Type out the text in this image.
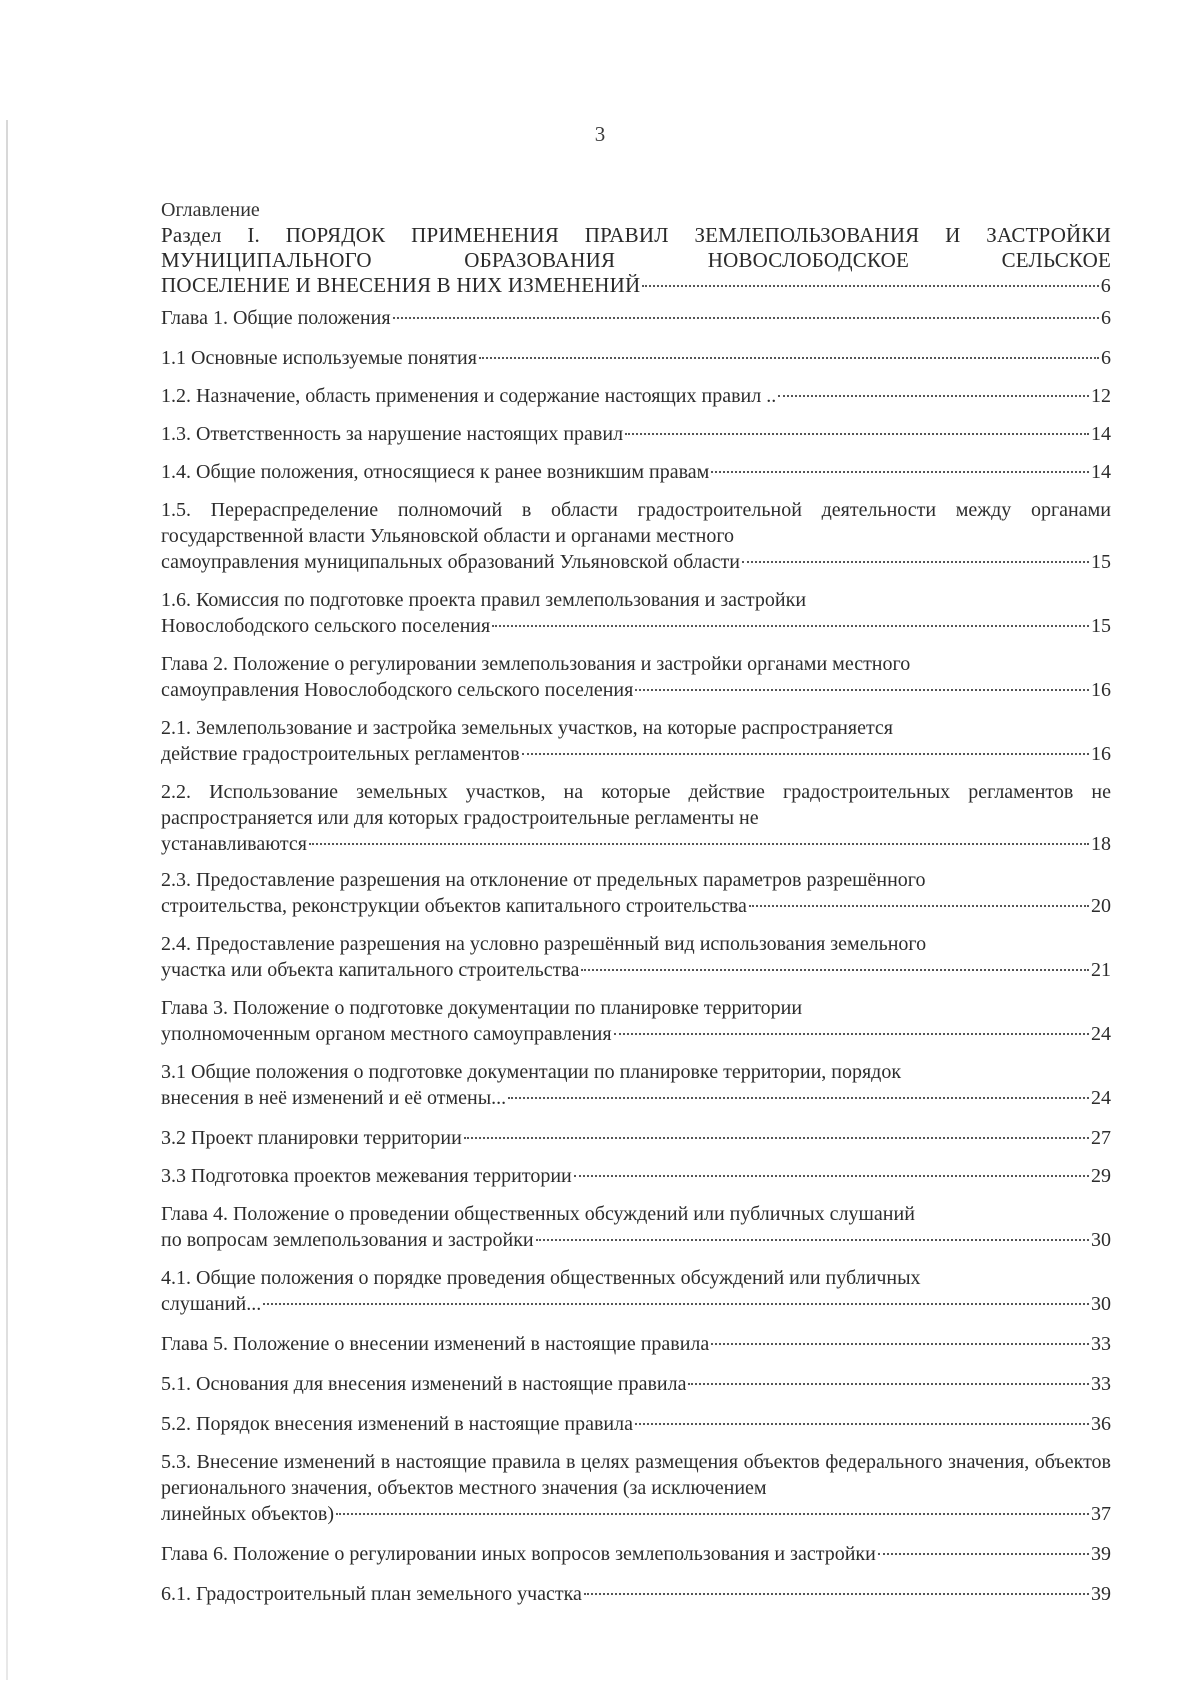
3
Оглавление
Раздел I. ПОРЯДОК ПРИМЕНЕНИЯ ПРАВИЛ ЗЕМЛЕПОЛЬЗОВАНИЯ И ЗАСТРОЙКИ
МУНИЦИПАЛЬНОГО ОБРАЗОВАНИЯ НОВОСЛОБОДСКОЕ СЕЛЬСКОЕ
ПОСЕЛЕНИЕ И ВНЕСЕНИЯ В НИХ ИЗМЕНЕНИЙ	6
Глава 1. Общие положения	6
1.1 Основные используемые понятия	6
1.2. Назначение, область применения и содержание настоящих правил ..	12
1.3. Ответственность за нарушение настоящих правил	14
1.4. Общие положения, относящиеся к ранее возникшим правам	14
1.5. Перераспределение полномочий в области градостроительной деятельности между органами государственной власти Ульяновской области и органами местного
самоуправления муниципальных образований Ульяновской области	15
1.6. Комиссия по подготовке проекта правил землепользования и застройки
Новослободского сельского поселения	15
Глава 2. Положение о регулировании землепользования и застройки органами местного
самоуправления Новослободского сельского поселения	16
2.1. Землепользование и застройка земельных участков, на которые распространяется
действие градостроительных регламентов	16
2.2. Использование земельных участков, на которые действие градостроительных регламентов не распространяется или для которых градостроительные регламенты не
устанавливаются	18
2.3. Предоставление разрешения на отклонение от предельных параметров разрешённого
строительства, реконструкции объектов капитального строительства	20
2.4. Предоставление разрешения на условно разрешённый вид использования земельного
участка или объекта капитального строительства	21
Глава 3. Положение о подготовке документации по планировке территории
уполномоченным органом местного самоуправления	24
3.1 Общие положения о подготовке документации по планировке территории, порядок
внесения в неё изменений и её отмены...	24
3.2 Проект планировки территории	27
3.3 Подготовка проектов межевания территории	29
Глава 4. Положение о проведении общественных обсуждений или публичных слушаний
по вопросам землепользования и застройки	30
4.1. Общие положения о порядке проведения общественных обсуждений или публичных
слушаний...	30
Глава 5. Положение о внесении изменений в настоящие правила	33
5.1. Основания для внесения изменений в настоящие правила	33
5.2. Порядок внесения изменений в настоящие правила	36
5.3. Внесение изменений в настоящие правила в целях размещения объектов федерального значения, объектов регионального значения, объектов местного значения (за исключением
линейных объектов)	37
Глава 6. Положение о регулировании иных вопросов землепользования и застройки	39
6.1. Градостроительный план земельного участка	39
